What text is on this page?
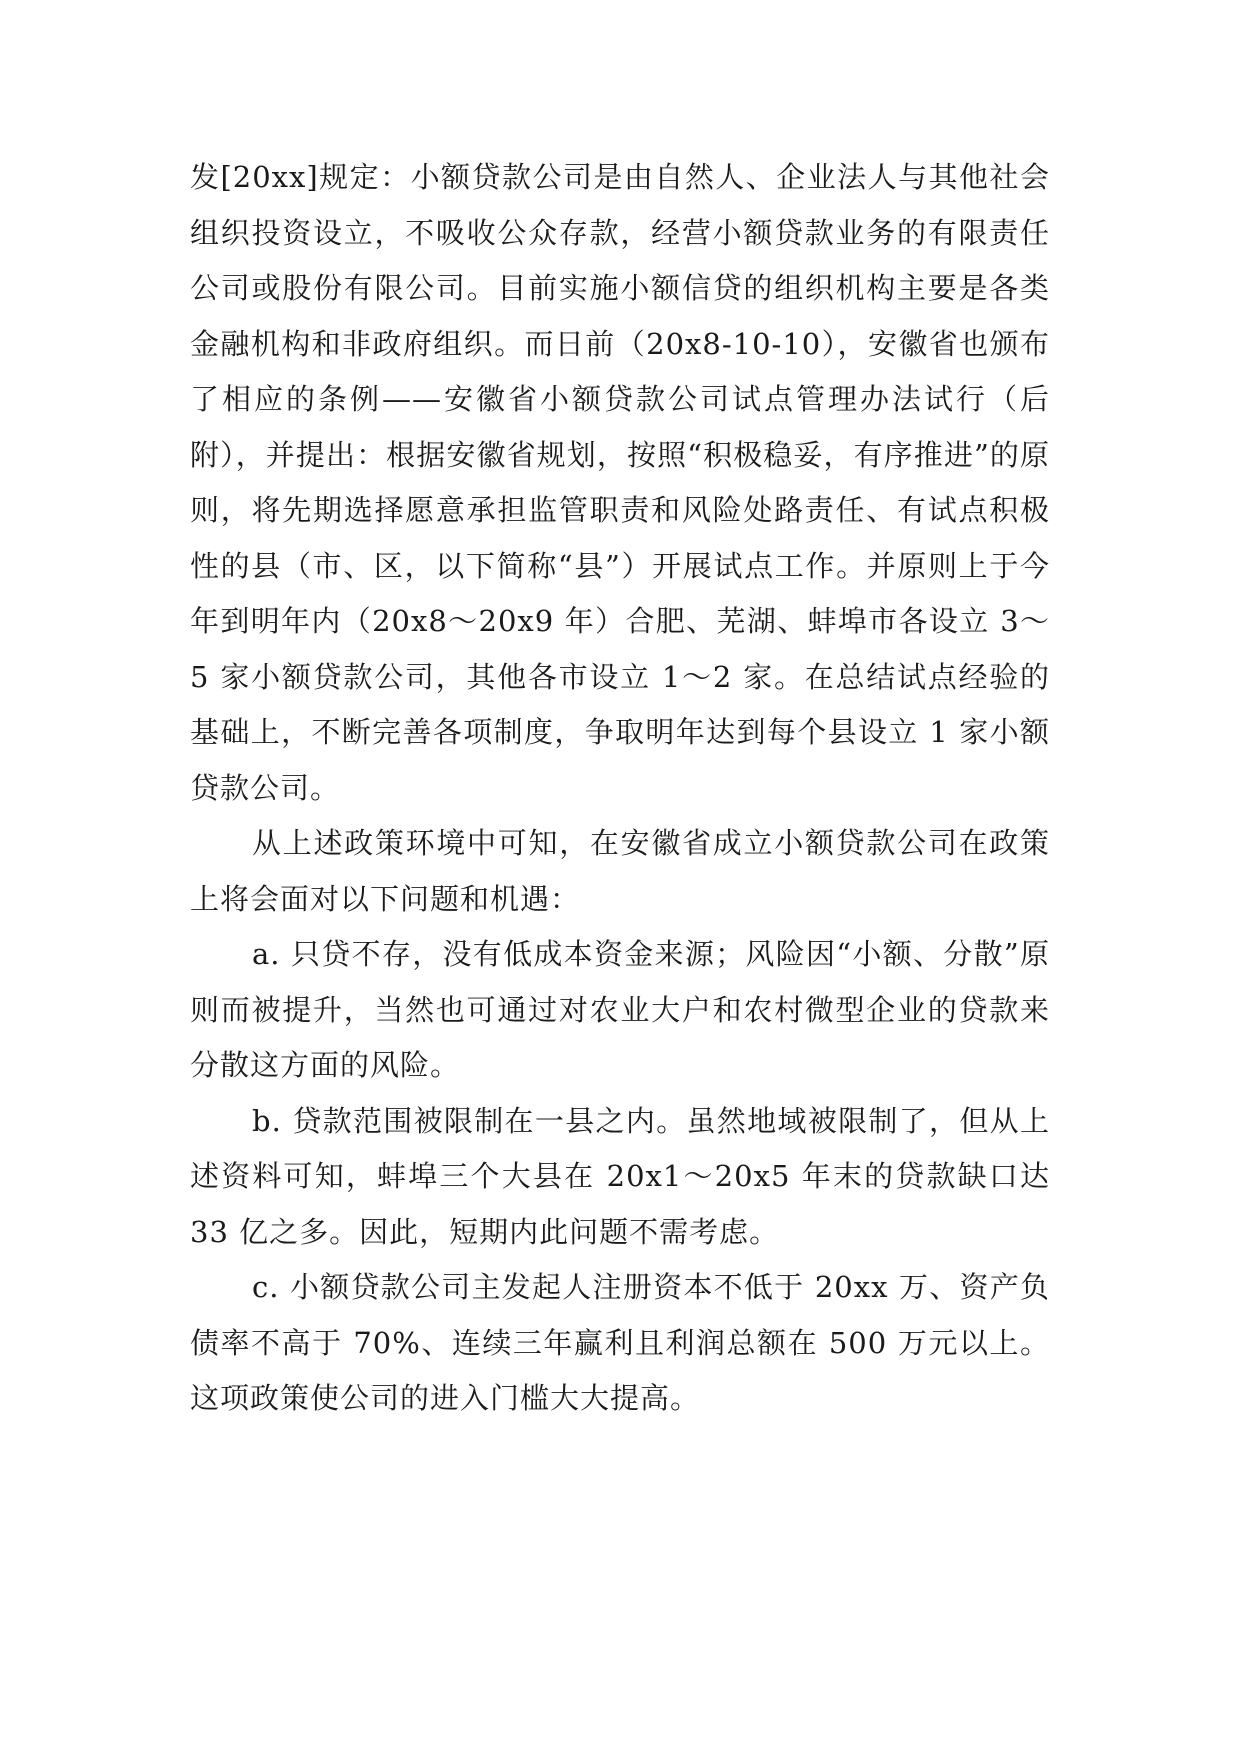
发[20xx]规定：小额贷款公司是由自然人、企业法人与其他社会组织投资设立，不吸收公众存款，经营小额贷款业务的有限责任公司或股份有限公司。目前实施小额信贷的组织机构主要是各类金融机构和非政府组织。而日前（20x8-10-10），安徽省也颁布了相应的条例——安徽省小额贷款公司试点管理办法试行（后附），并提出：根据安徽省规划，按照“积极稳妥，有序推进”的原则，将先期选择愿意承担监管职责和风险处路责任、有试点积极性的县（市、区，以下简称“县”）开展试点工作。并原则上于今年到明年内（20x8～20x9 年）合肥、芜湖、蚌埠市各设立 3～5 家小额贷款公司，其他各市设立 1～2 家。在总结试点经验的基础上，不断完善各项制度，争取明年达到每个县设立 1 家小额贷款公司。

从上述政策环境中可知，在安徽省成立小额贷款公司在政策上将会面对以下问题和机遇：

a. 只贷不存，没有低成本资金来源；风险因“小额、分散”原则而被提升，当然也可通过对农业大户和农村微型企业的贷款来分散这方面的风险。

b. 贷款范围被限制在一县之内。虽然地域被限制了，但从上述资料可知，蚌埠三个大县在 20x1～20x5 年末的贷款缺口达 33 亿之多。因此，短期内此问题不需考虑。

c. 小额贷款公司主发起人注册资本不低于 20xx 万、资产负债率不高于 70%、连续三年赢利且利润总额在 500 万元以上。这项政策使公司的进入门槛大大提高。
